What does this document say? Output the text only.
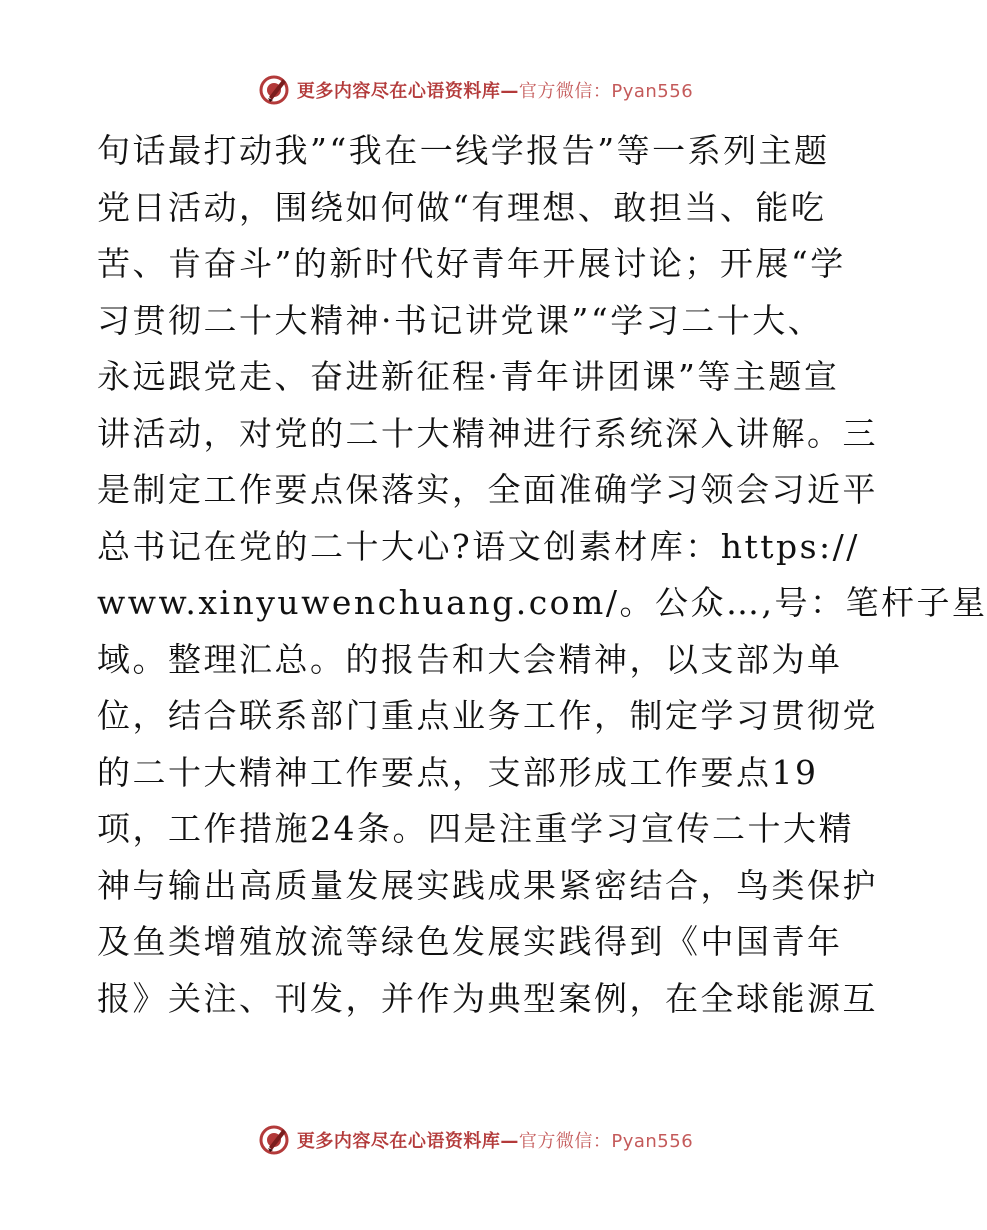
更多内容尽在心语资料库—官方微信：Pyan556
句话最打动我”“我在一线学报告”等一系列主题
党日活动，围绕如何做“有理想、敢担当、能吃
苦、肯奋斗”的新时代好青年开展讨论；开展“学
习贯彻二十大精神·书记讲党课”“学习二十大、
永远跟党走、奋进新征程·青年讲团课”等主题宣
讲活动，对党的二十大精神进行系统深入讲解。三
是制定工作要点保落实，全面准确学习领会习近平
总书记在党的二十大心?语文创素材库：https://
www.xinyuwenchuang.com/。公众…,号：笔杆子星
域。整理汇总。的报告和大会精神，以支部为单
位，结合联系部门重点业务工作，制定学习贯彻党
的二十大精神工作要点，支部形成工作要点19
项，工作措施24条。四是注重学习宣传二十大精
神与输出高质量发展实践成果紧密结合，鸟类保护
及鱼类增殖放流等绿色发展实践得到《中国青年
报》关注、刊发，并作为典型案例，在全球能源互
更多内容尽在心语资料库—官方微信：Pyan556
